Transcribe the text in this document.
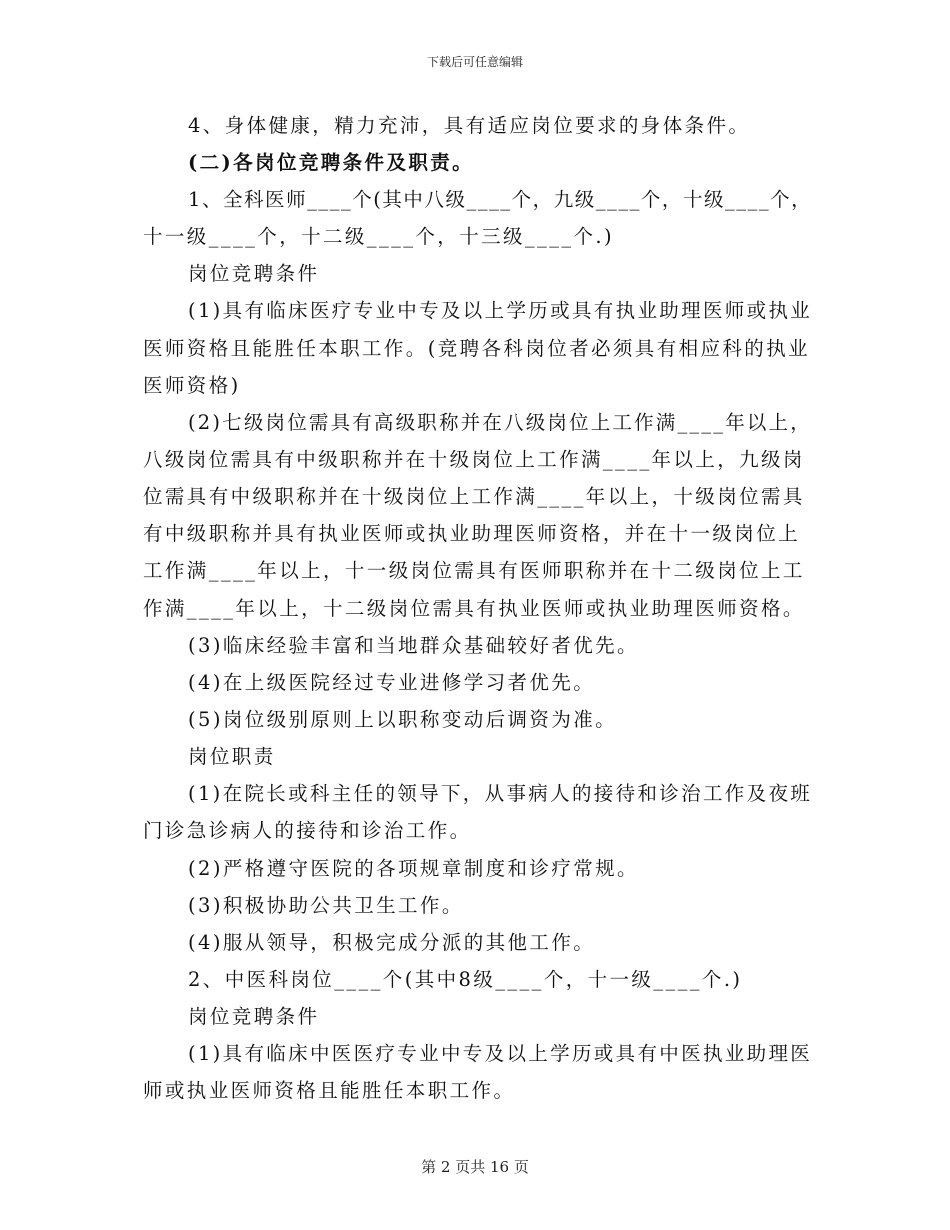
下载后可任意编辑
4、身体健康，精力充沛，具有适应岗位要求的身体条件。
(二)各岗位竞聘条件及职责。
1、全科医师____个(其中八级____个，九级____个，十级____个，
十一级____个，十二级____个，十三级____个.)
岗位竞聘条件
(1)具有临床医疗专业中专及以上学历或具有执业助理医师或执业
医师资格且能胜任本职工作。(竞聘各科岗位者必须具有相应科的执业
医师资格)
(2)七级岗位需具有高级职称并在八级岗位上工作满____年以上，
八级岗位需具有中级职称并在十级岗位上工作满____年以上，九级岗
位需具有中级职称并在十级岗位上工作满____年以上，十级岗位需具
有中级职称并具有执业医师或执业助理医师资格，并在十一级岗位上
工作满____年以上，十一级岗位需具有医师职称并在十二级岗位上工
作满____年以上，十二级岗位需具有执业医师或执业助理医师资格。
(3)临床经验丰富和当地群众基础较好者优先。
(4)在上级医院经过专业进修学习者优先。
(5)岗位级别原则上以职称变动后调资为准。
岗位职责
(1)在院长或科主任的领导下，从事病人的接待和诊治工作及夜班
门诊急诊病人的接待和诊治工作。
(2)严格遵守医院的各项规章制度和诊疗常规。
(3)积极协助公共卫生工作。
(4)服从领导，积极完成分派的其他工作。
2、中医科岗位____个(其中8级____个，十一级____个.)
岗位竞聘条件
(1)具有临床中医医疗专业中专及以上学历或具有中医执业助理医
师或执业医师资格且能胜任本职工作。
第 2 页共 16 页
